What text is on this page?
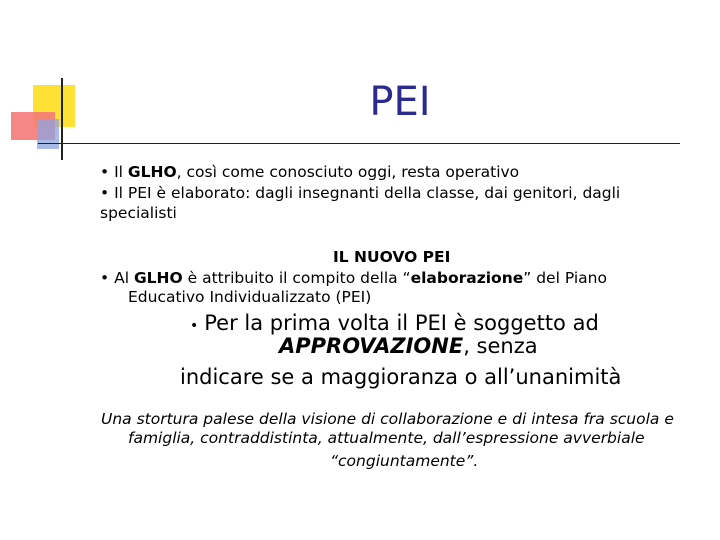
PEI
• Il GLHO, così come conosciuto oggi, resta operativo
• Il PEI è elaborato: dagli insegnanti della classe, dai genitori, dagli
specialisti
IL NUOVO PEI
• Al GLHO è attribuito il compito della “elaborazione” del Piano
Educativo Individualizzato (PEI)
• Per la prima volta il PEI è soggetto ad
APPROVAZIONE, senza
indicare se a maggioranza o all’unanimità
Una stortura palese della visione di collaborazione e di intesa fra scuola e
famiglia, contraddistinta, attualmente, dall’espressione avverbiale
“congiuntamente”.
